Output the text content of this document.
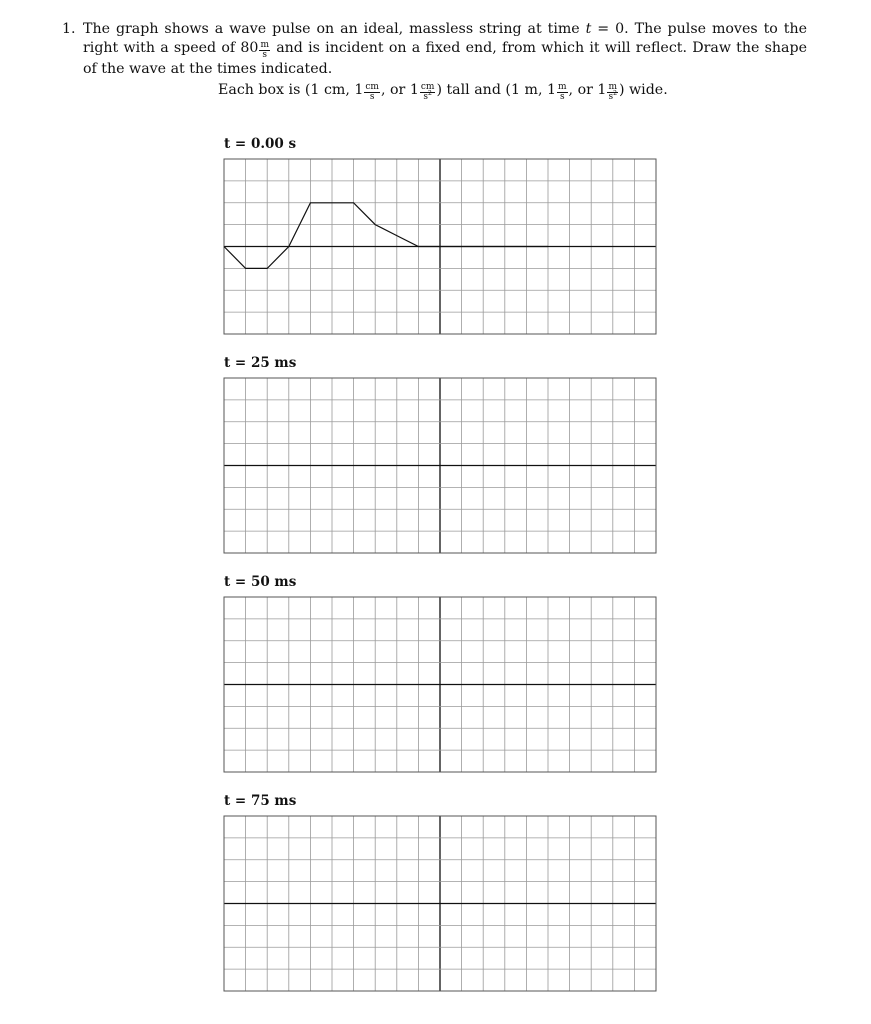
1. The graph shows a wave pulse on an ideal, massless string at time t = 0. The pulse moves to the right with a speed of $80 \frac{m}{s}$ and is incident on a fixed end, from which it will reflect. Draw the shape of the wave at the times indicated.
Each box is (1 cm, $1 \frac{cm}{s}$ , or $1 \frac{cm}{s^2}$ ) tall and (1 m, $1 \frac{m}{s}$ , or $1 \frac{m}{s^2}$ ) wide.
t = 0.00 s
t = 25 ms
t = 50 ms
t = 75 ms
